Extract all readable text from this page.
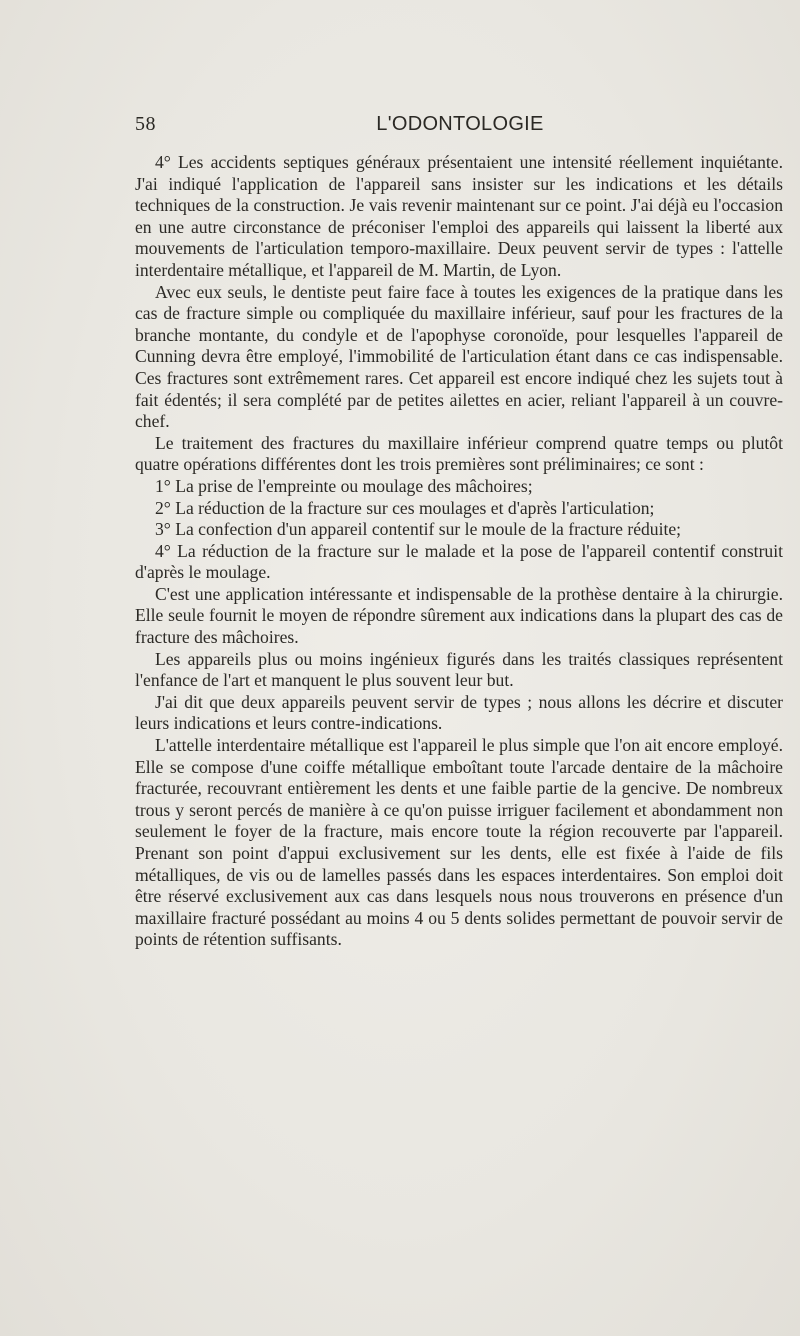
L'ODONTOLOGIE
58

4° Les accidents septiques généraux présentaient une intensité réellement inquiétante. J'ai indiqué l'application de l'appareil sans insister sur les indications et les détails techniques de la construction. Je vais revenir maintenant sur ce point. J'ai déjà eu l'occasion en une autre circonstance de préconiser l'emploi des appareils qui laissent la liberté aux mouvements de l'articulation temporo-maxillaire. Deux peuvent servir de types : l'attelle interdentaire métallique, et l'appareil de M. Martin, de Lyon.

Avec eux seuls, le dentiste peut faire face à toutes les exigences de la pratique dans les cas de fracture simple ou compliquée du maxillaire inférieur, sauf pour les fractures de la branche montante, du condyle et de l'apophyse coronoïde, pour lesquelles l'appareil de Cunning devra être employé, l'immobilité de l'articulation étant dans ce cas indispensable. Ces fractures sont extrêmement rares. Cet appareil est encore indiqué chez les sujets tout à fait édentés; il sera complété par de petites ailettes en acier, reliant l'appareil à un couvre-chef.

Le traitement des fractures du maxillaire inférieur comprend quatre temps ou plutôt quatre opérations différentes dont les trois premières sont préliminaires; ce sont :

1° La prise de l'empreinte ou moulage des mâchoires;

2° La réduction de la fracture sur ces moulages et d'après l'articulation;

3° La confection d'un appareil contentif sur le moule de la fracture réduite;

4° La réduction de la fracture sur le malade et la pose de l'appareil contentif construit d'après le moulage.

C'est une application intéressante et indispensable de la prothèse dentaire à la chirurgie. Elle seule fournit le moyen de répondre sûrement aux indications dans la plupart des cas de fracture des mâchoires.

Les appareils plus ou moins ingénieux figurés dans les traités classiques représentent l'enfance de l'art et manquent le plus souvent leur but.

J'ai dit que deux appareils peuvent servir de types ; nous allons les décrire et discuter leurs indications et leurs contre-indications.

L'attelle interdentaire métallique est l'appareil le plus simple que l'on ait encore employé. Elle se compose d'une coiffe métallique emboîtant toute l'arcade dentaire de la mâchoire fracturée, recouvrant entièrement les dents et une faible partie de la gencive. De nombreux trous y seront percés de manière à ce qu'on puisse irriguer facilement et abondamment non seulement le foyer de la fracture, mais encore toute la région recouverte par l'appareil. Prenant son point d'appui exclusivement sur les dents, elle est fixée à l'aide de fils métalliques, de vis ou de lamelles passés dans les espaces interdentaires. Son emploi doit être réservé exclusivement aux cas dans lesquels nous nous trouverons en présence d'un maxillaire fracturé possédant au moins 4 ou 5 dents solides permettant de pouvoir servir de points de rétention suffisants.
